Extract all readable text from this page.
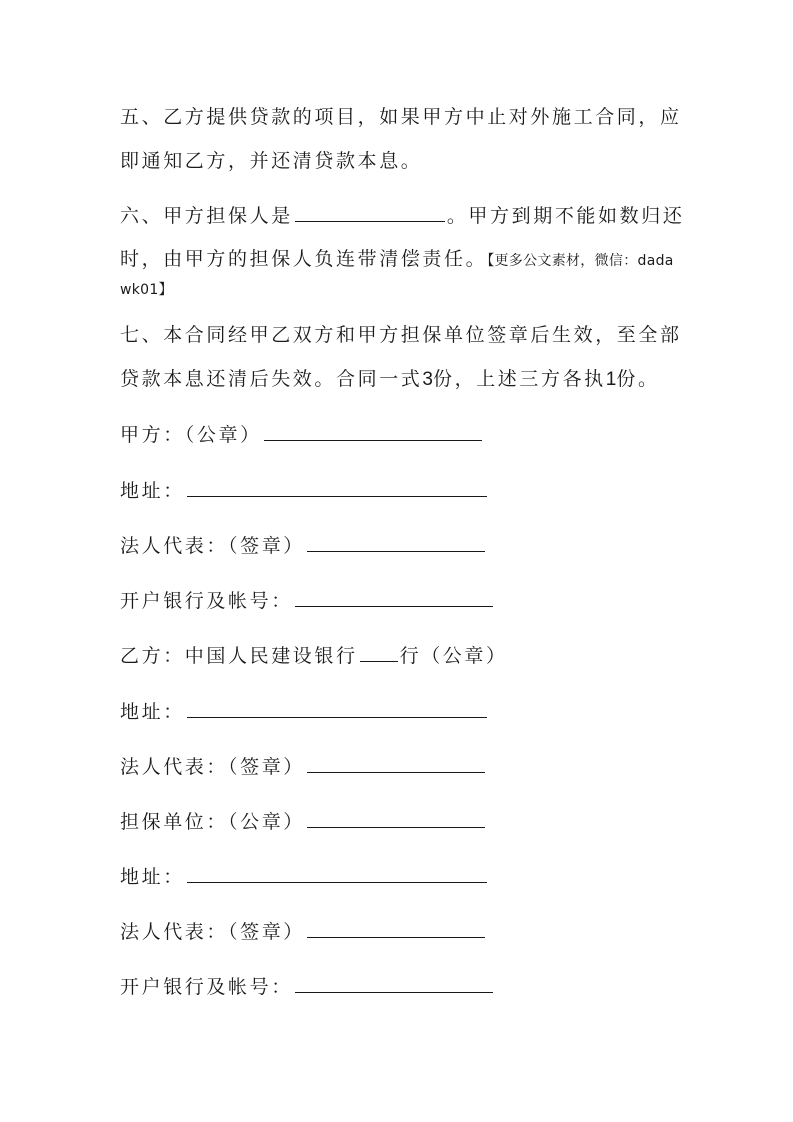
五、乙方提供贷款的项目，如果甲方中止对外施工合同，应
即通知乙方，并还清贷款本息。
六、甲方担保人是	。甲方到期不能如数归还
时，由甲方的担保人负连带清偿责任。【更多公文素材，微信：dada
wk01】
七、本合同经甲乙双方和甲方担保单位签章后生效，至全部
贷款本息还清后失效。合同一式3份，上述三方各执1份。
甲方：（公章）
地址：
法人代表：（签章）
开户银行及帐号：
乙方：中国人民建设银行 行（公章）
地址：
法人代表：（签章）
担保单位：（公章）
地址：
法人代表：（签章）
开户银行及帐号：
